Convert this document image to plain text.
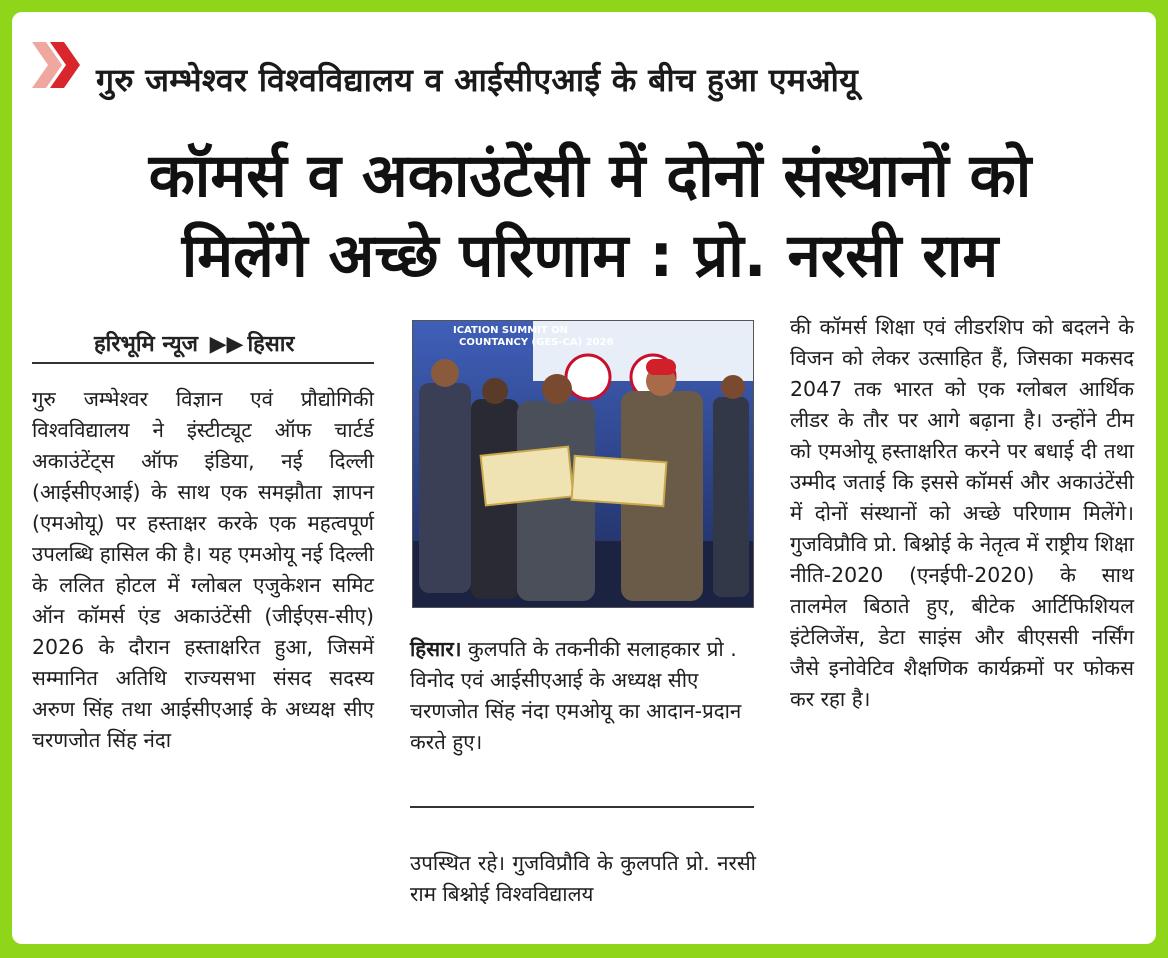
गुरु जम्भेश्वर विश्वविद्यालय व आईसीएआई के बीच हुआ एमओयू
कॉमर्स व अकाउंटेंसी में दोनों संस्थानों को
मिलेंगे अच्छे परिणाम : प्रो. नरसी राम
हरिभूमि न्यूज ▶▶ हिसार
गुरु जम्भेश्वर विज्ञान एवं प्रौद्योगिकी विश्वविद्यालय ने इंस्टीट्यूट ऑफ चार्टर्ड अकाउंटेंट्स ऑफ इंडिया, नई दिल्ली (आईसीएआई) के साथ एक समझौता ज्ञापन (एमओयू) पर हस्ताक्षर करके एक महत्वपूर्ण उपलब्धि हासिल की है। यह एमओयू नई दिल्ली के ललित होटल में ग्लोबल एजुकेशन समिट ऑन कॉमर्स एंड अकाउंटेंसी (जीईएस-सीए) 2026 के दौरान हस्ताक्षरित हुआ, जिसमें सम्मानित अतिथि राज्यसभा संसद सदस्य अरुण सिंह तथा आईसीएआई के अध्यक्ष सीए चरणजोत सिंह नंदा
ICATION SUMMIT ON
COUNTANCY (GES-CA) 2026
हिसार। कुलपति के तकनीकी सलाहकार प्रो . विनोद एवं आईसीएआई के अध्यक्ष सीए चरणजोत सिंह नंदा एमओयू का आदान-प्रदान करते हुए।
उपस्थित रहे। गुजविप्रौवि के कुलपति प्रो. नरसी राम बिश्नोई विश्वविद्यालय
की कॉमर्स शिक्षा एवं लीडरशिप को बदलने के विजन को लेकर उत्साहित हैं, जिसका मकसद 2047 तक भारत को एक ग्लोबल आर्थिक लीडर के तौर पर आगे बढ़ाना है। उन्होंने टीम को एमओयू हस्ताक्षरित करने पर बधाई दी तथा उम्मीद जताई कि इससे कॉमर्स और अकाउंटेंसी में दोनों संस्थानों को अच्छे परिणाम मिलेंगे। गुजविप्रौवि प्रो. बिश्नोई के नेतृत्व में राष्ट्रीय शिक्षा नीति-2020 (एनईपी-2020) के साथ तालमेल बिठाते हुए, बीटेक आर्टिफिशियल इंटेलिजेंस, डेटा साइंस और बीएससी नर्सिंग जैसे इनोवेटिव शैक्षणिक कार्यक्रमों पर फोकस कर रहा है।
